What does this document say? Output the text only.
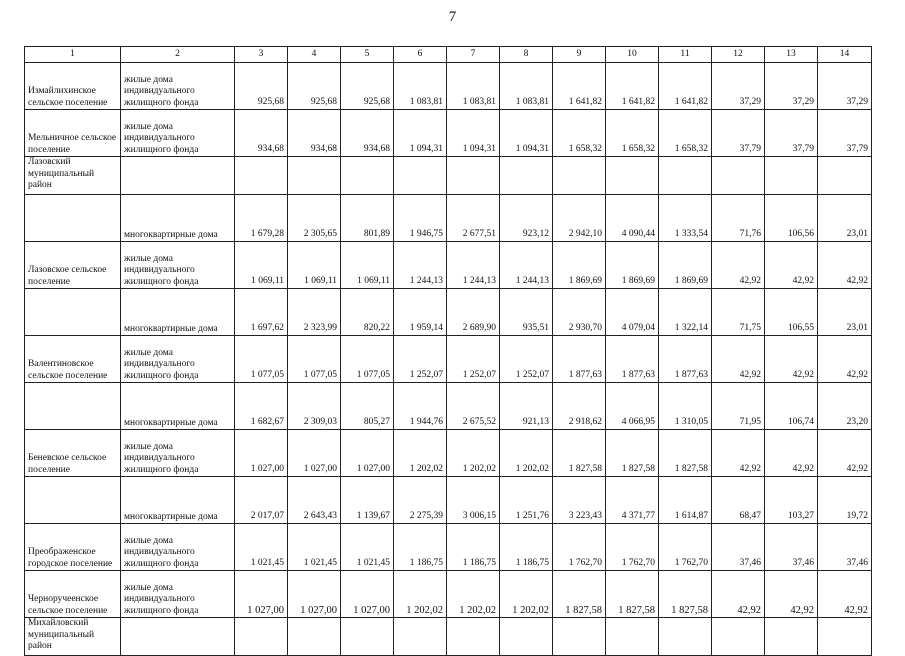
7
1	2	3	4	5	6	7	8	9	10	11	12	13	14
Измайлихинское сельское поселение	жилые дома индивидуального жилищного фонда	925,68	925,68	925,68	1 083,81	1 083,81	1 083,81	1 641,82	1 641,82	1 641,82	37,29	37,29	37,29
Мельничное сельское поселение	жилые дома индивидуального жилищного фонда	934,68	934,68	934,68	1 094,31	1 094,31	1 094,31	1 658,32	1 658,32	1 658,32	37,79	37,79	37,79
Лазовский муниципальный район													
	многоквартирные дома	1 679,28	2 305,65	801,89	1 946,75	2 677,51	923,12	2 942,10	4 090,44	1 333,54	71,76	106,56	23,01
Лазовское сельское поселение	жилые дома индивидуального жилищного фонда	1 069,11	1 069,11	1 069,11	1 244,13	1 244,13	1 244,13	1 869,69	1 869,69	1 869,69	42,92	42,92	42,92
	многоквартирные дома	1 697,62	2 323,99	820,22	1 959,14	2 689,90	935,51	2 930,70	4 079,04	1 322,14	71,75	106,55	23,01
Валентиновское сельское поселение	жилые дома индивидуального жилищного фонда	1 077,05	1 077,05	1 077,05	1 252,07	1 252,07	1 252,07	1 877,63	1 877,63	1 877,63	42,92	42,92	42,92
	многоквартирные дома	1 682,67	2 309,03	805,27	1 944,76	2 675,52	921,13	2 918,62	4 066,95	1 310,05	71,95	106,74	23,20
Беневское сельское поселение	жилые дома индивидуального жилищного фонда	1 027,00	1 027,00	1 027,00	1 202,02	1 202,02	1 202,02	1 827,58	1 827,58	1 827,58	42,92	42,92	42,92
	многоквартирные дома	2 017,07	2 643,43	1 139,67	2 275,39	3 006,15	1 251,76	3 223,43	4 371,77	1 614,87	68,47	103,27	19,72
Преображенское городское поселение	жилые дома индивидуального жилищного фонда	1 021,45	1 021,45	1 021,45	1 186,75	1 186,75	1 186,75	1 762,70	1 762,70	1 762,70	37,46	37,46	37,46
Черноручеенское сельское поселение	жилые дома индивидуального жилищного фонда	1 027,00	1 027,00	1 027,00	1 202,02	1 202,02	1 202,02	1 827,58	1 827,58	1 827,58	42,92	42,92	42,92
Михайловский муниципальный район													
